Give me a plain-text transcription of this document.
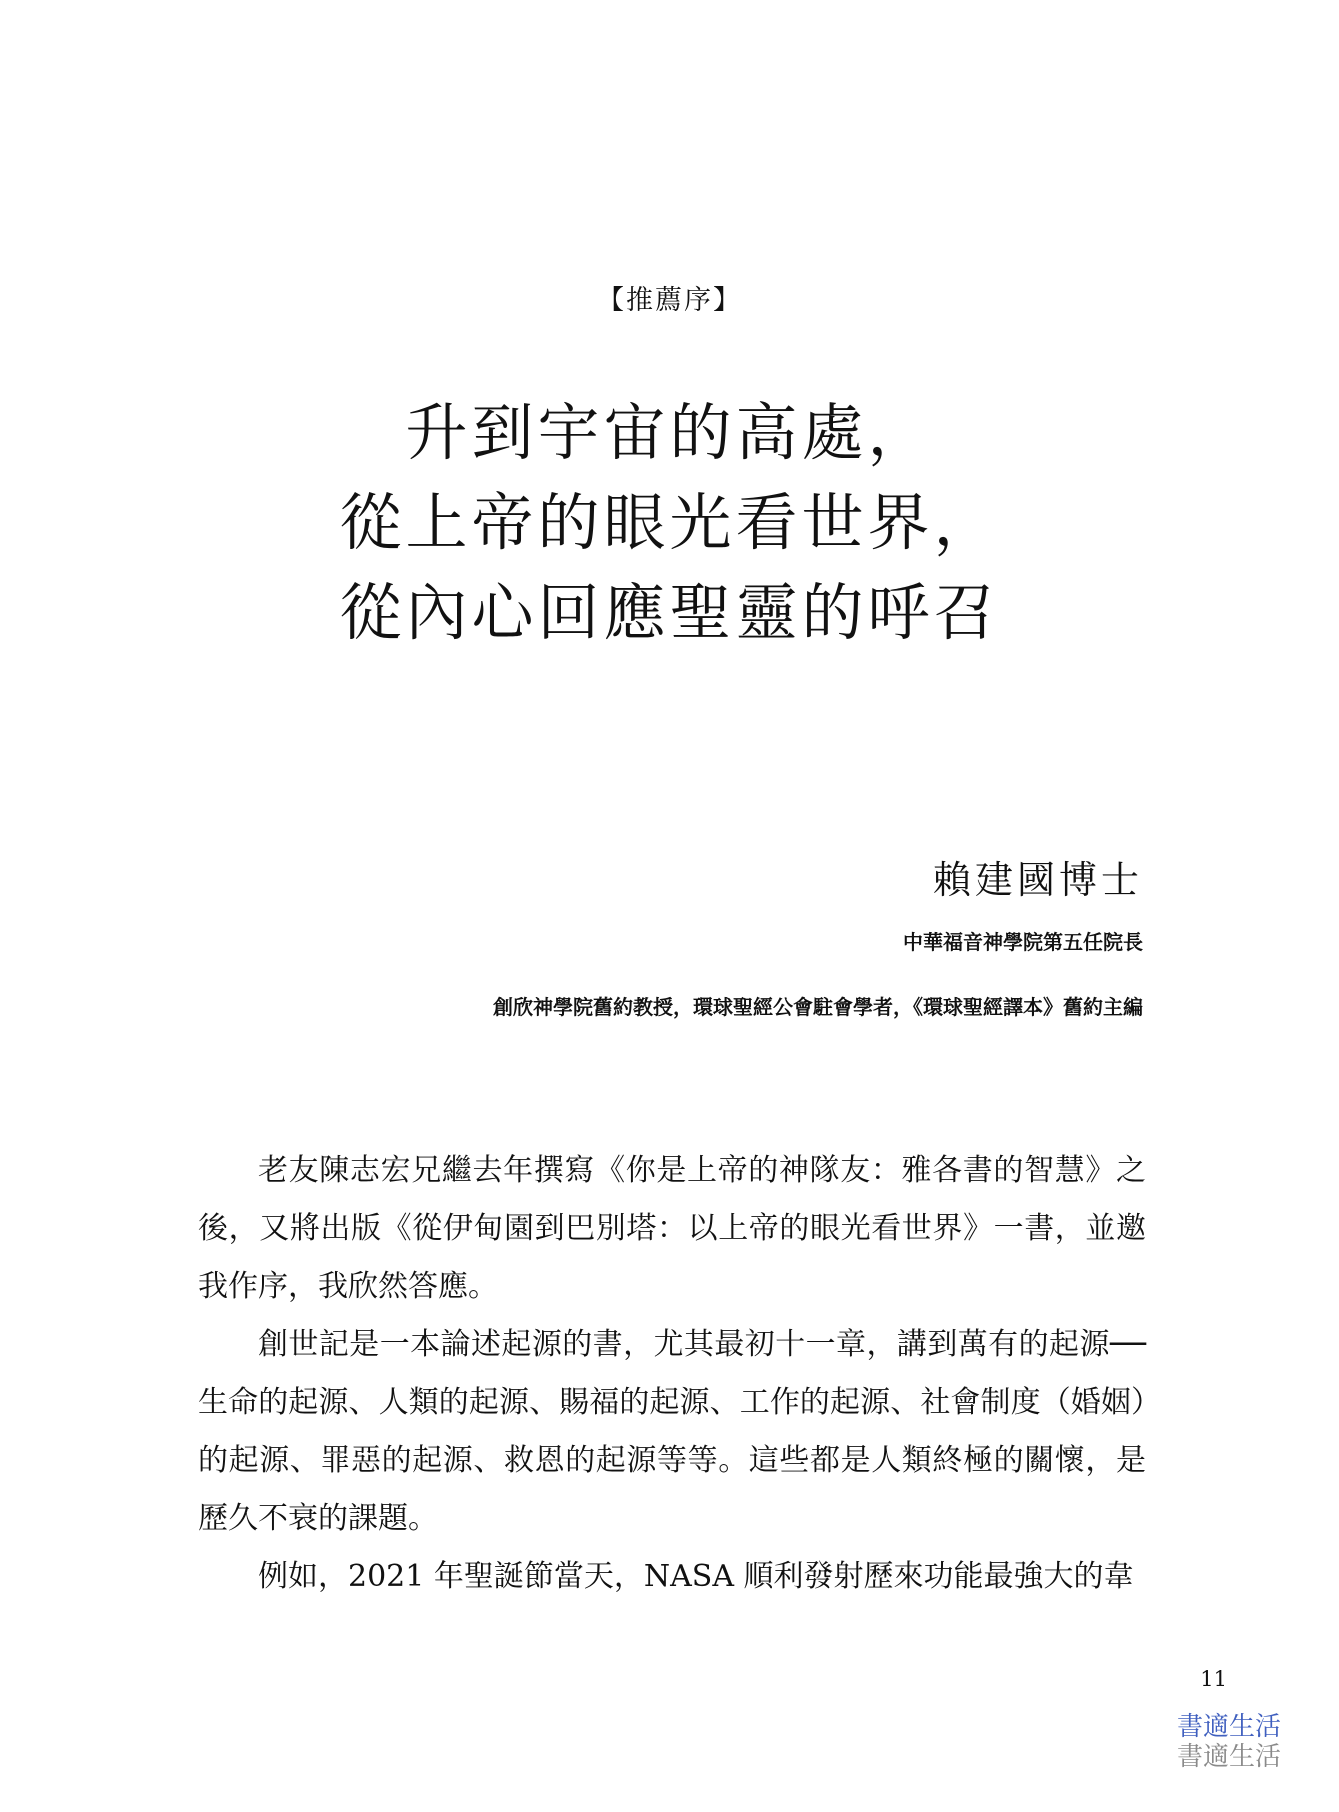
【推薦序】
升到宇宙的高處，
從上帝的眼光看世界，
從內心回應聖靈的呼召
賴建國博士
中華福音神學院第五任院長
創欣神學院舊約教授，環球聖經公會駐會學者，《環球聖經譯本》舊約主編

老友陳志宏兄繼去年撰寫《你是上帝的神隊友：雅各書的智慧》之後，又將出版《從伊甸園到巴別塔：以上帝的眼光看世界》一書，並邀我作序，我欣然答應。

創世記是一本論述起源的書，尤其最初十一章，講到萬有的起源──生命的起源、人類的起源、賜福的起源、工作的起源、社會制度（婚姻）的起源、罪惡的起源、救恩的起源等等。這些都是人類終極的關懷，是歷久不衰的課題。

例如，2021 年聖誕節當天，NASA 順利發射歷來功能最強大的韋

11
書適生活
書適生活
